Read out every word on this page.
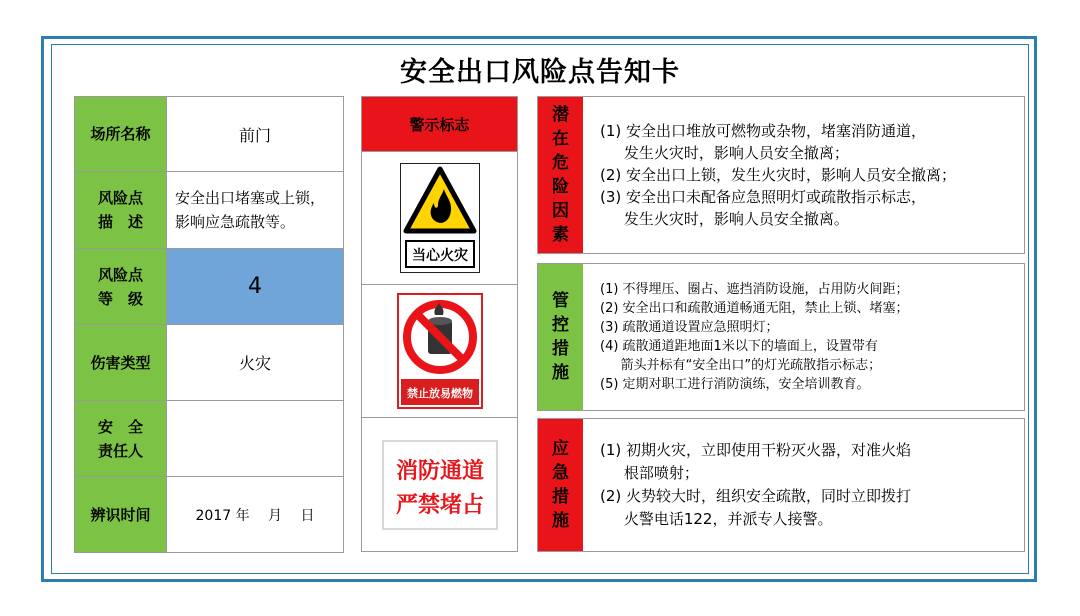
安全出口风险点告知卡
场所名称	前门
风险点
描　述	安全出口堵塞或上锁，
影响应急疏散等。
风险点
等　级	4
伤害类型	火灾
安　全
责任人	
辨识时间	2017 年　 月　 日
警示标志
当心火灾
禁止放易燃物
消防通道
严禁堵占
潜
在
危
险
因
素
(1) 安全出口堆放可燃物或杂物，堵塞消防通道，
发生火灾时，影响人员安全撤离；
(2) 安全出口上锁，发生火灾时，影响人员安全撤离；
(3) 安全出口未配备应急照明灯或疏散指示标志，
发生火灾时，影响人员安全撤离。
管
控
措
施
(1) 不得埋压、圈占、遮挡消防设施，占用防火间距；
(2) 安全出口和疏散通道畅通无阻，禁止上锁、堵塞；
(3) 疏散通道设置应急照明灯；
(4) 疏散通道距地面1米以下的墙面上，设置带有
箭头并标有“安全出口”的灯光疏散指示标志；
(5) 定期对职工进行消防演练，安全培训教育。
应
急
措
施
(1) 初期火灾，立即使用干粉灭火器，对准火焰
根部喷射；
(2) 火势较大时，组织安全疏散，同时立即拨打
火警电话122，并派专人接警。
